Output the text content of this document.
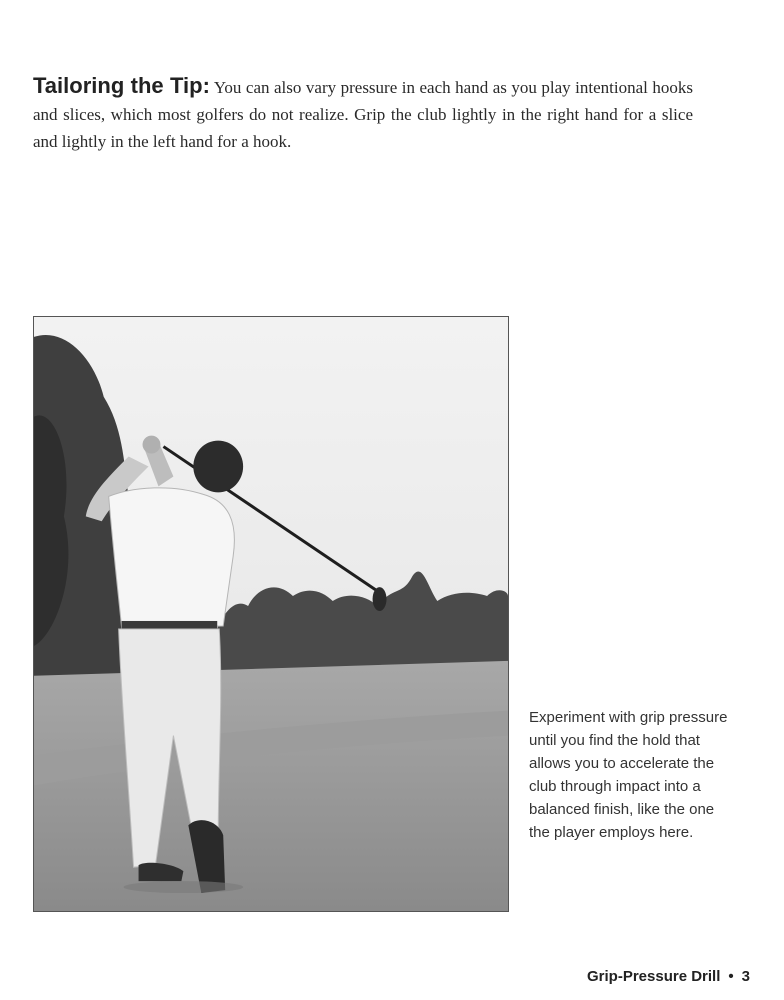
Tailoring the Tip: You can also vary pressure in each hand as you play intentional hooks and slices, which most golfers do not realize. Grip the club lightly in the right hand for a slice and lightly in the left hand for a hook.
Experiment with grip pressure until you find the hold that allows you to accelerate the club through impact into a balanced finish, like the one the player employs here.
Grip-Pressure Drill • 3
